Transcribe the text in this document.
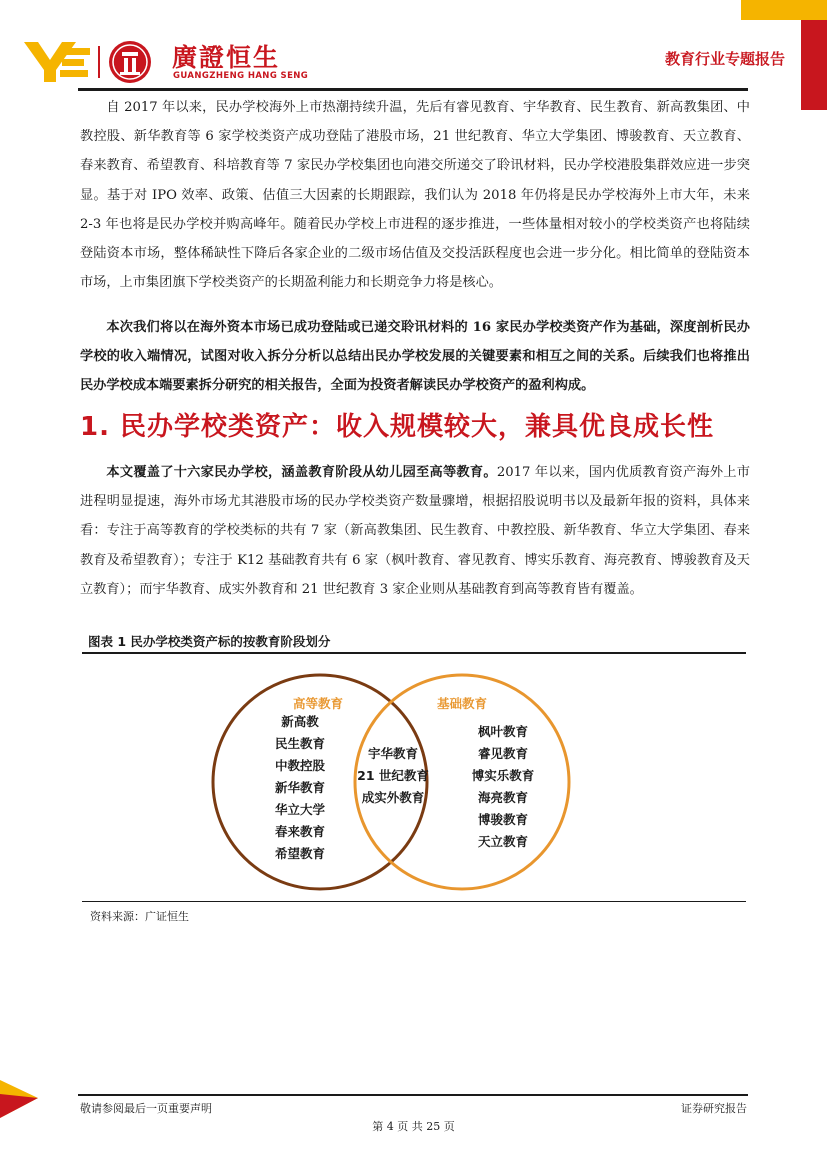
廣證恒生
GUANGZHENG HANG SENG
教育行业专题报告

自 2017 年以来，民办学校海外上市热潮持续升温，先后有睿见教育、宇华教育、民生教育、新高教集团、中教控股、新华教育等 6 家学校类资产成功登陆了港股市场，21 世纪教育、华立大学集团、博骏教育、天立教育、春来教育、希望教育、科培教育等 7 家民办学校集团也向港交所递交了聆讯材料，民办学校港股集群效应进一步突显。基于对 IPO 效率、政策、估值三大因素的长期跟踪，我们认为 2018 年仍将是民办学校海外上市大年，未来 2-3 年也将是民办学校并购高峰年。随着民办学校上市进程的逐步推进，一些体量相对较小的学校类资产也将陆续登陆资本市场，整体稀缺性下降后各家企业的二级市场估值及交投活跃程度也会进一步分化。相比简单的登陆资本市场，上市集团旗下学校类资产的长期盈利能力和长期竞争力将是核心。

本次我们将以在海外资本市场已成功登陆或已递交聆讯材料的 16 家民办学校类资产作为基础，深度剖析民办学校的收入端情况，试图对收入拆分分析以总结出民办学校发展的关键要素和相互之间的关系。后续我们也将推出民办学校成本端要素拆分研究的相关报告，全面为投资者解读民办学校资产的盈利构成。

1. 民办学校类资产：收入规模较大，兼具优良成长性

本文覆盖了十六家民办学校，涵盖教育阶段从幼儿园至高等教育。2017 年以来，国内优质教育资产海外上市进程明显提速，海外市场尤其港股市场的民办学校类资产数量骤增，根据招股说明书以及最新年报的资料，具体来看：专注于高等教育的学校类标的共有 7 家（新高教集团、民生教育、中教控股、新华教育、华立大学集团、春来教育及希望教育）；专注于 K12 基础教育共有 6 家（枫叶教育、睿见教育、博实乐教育、海亮教育、博骏教育及天立教育）；而宇华教育、成实外教育和 21 世纪教育 3 家企业则从基础教育到高等教育皆有覆盖。

图表 1 民办学校类资产标的按教育阶段划分
高等教育	基础教育
新高教
民生教育
中教控股
新华教育
华立大学
春来教育
希望教育
宇华教育
21 世纪教育
成实外教育
枫叶教育
睿见教育
博实乐教育
海亮教育
博骏教育
天立教育
资料来源：广证恒生
敬请参阅最后一页重要声明	证券研究报告
第 4 页 共 25 页
